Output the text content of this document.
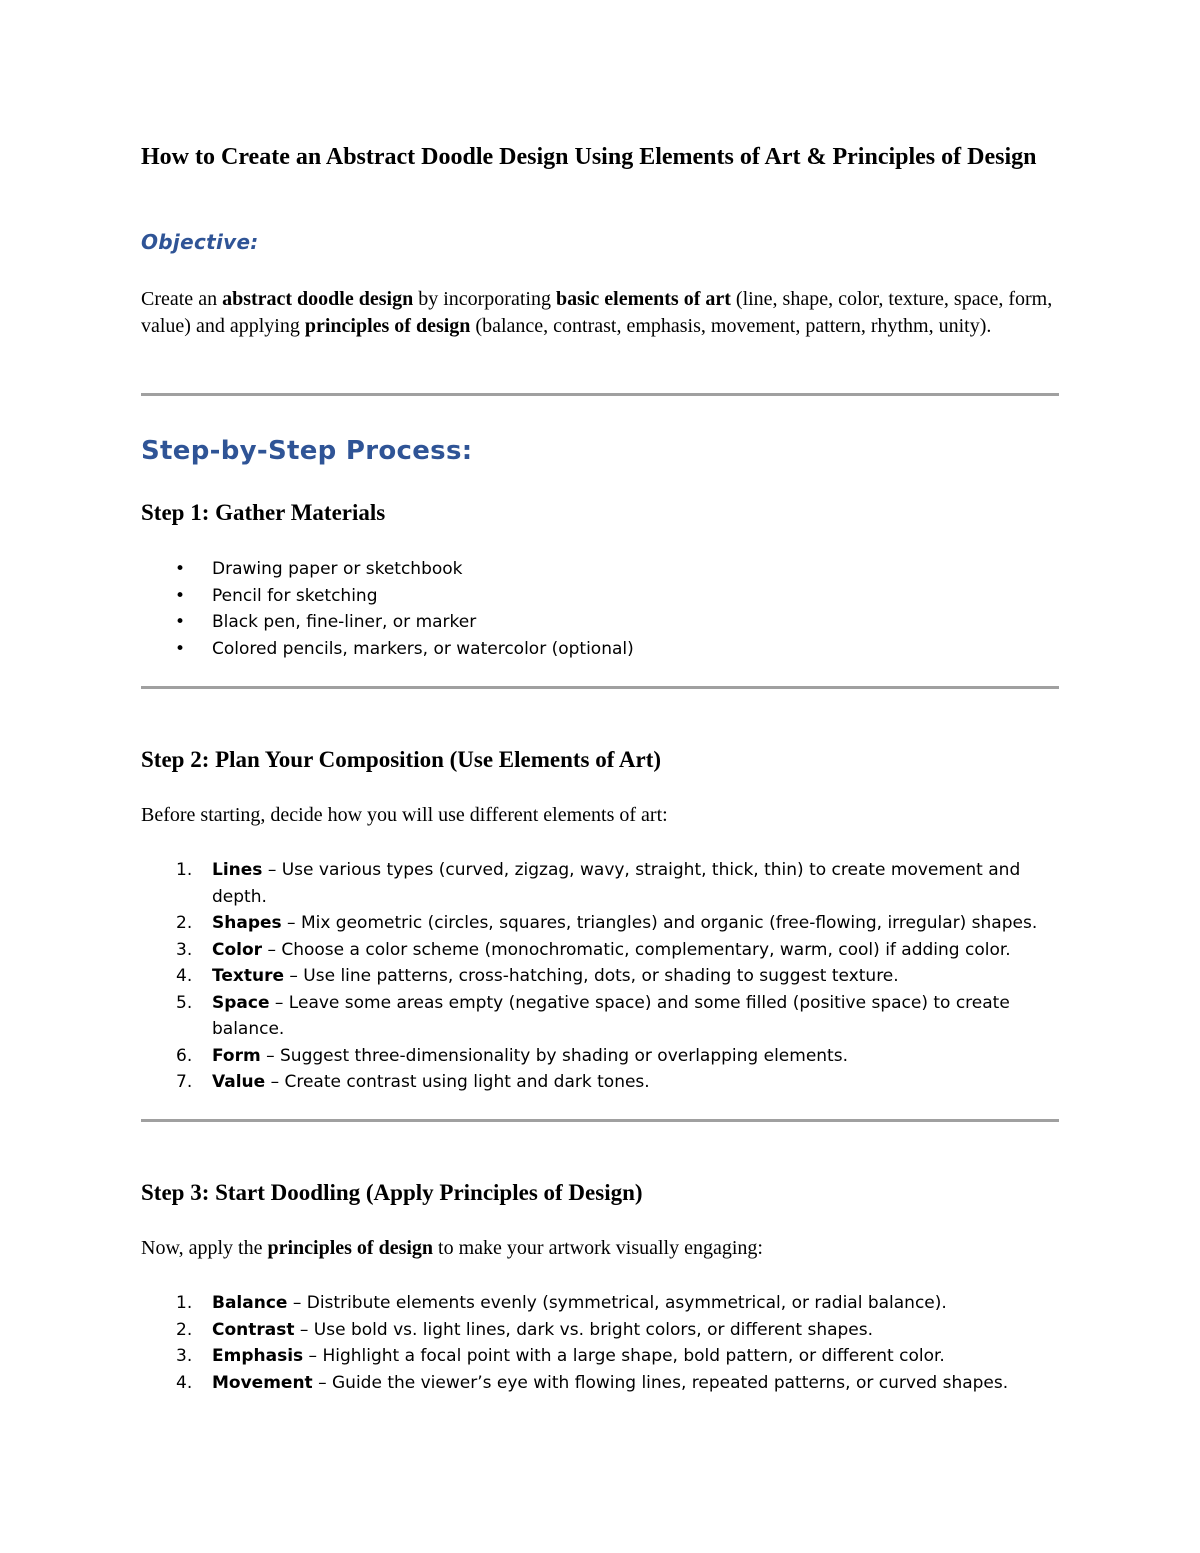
How to Create an Abstract Doodle Design Using Elements of Art & Principles of Design
Objective:

Create an abstract doodle design by incorporating basic elements of art (line, shape, color, texture, space, form, value) and applying principles of design (balance, contrast, emphasis, movement, pattern, rhythm, unity).

Step-by-Step Process:
Step 1: Gather Materials
• Drawing paper or sketchbook
• Pencil for sketching
• Black pen, fine-liner, or marker
• Colored pencils, markers, or watercolor (optional)
Step 2: Plan Your Composition (Use Elements of Art)

Before starting, decide how you will use different elements of art:

1. Lines – Use various types (curved, zigzag, wavy, straight, thick, thin) to create movement and depth.
2. Shapes – Mix geometric (circles, squares, triangles) and organic (free-flowing, irregular) shapes.
3. Color – Choose a color scheme (monochromatic, complementary, warm, cool) if adding color.
4. Texture – Use line patterns, cross-hatching, dots, or shading to suggest texture.
5. Space – Leave some areas empty (negative space) and some filled (positive space) to create balance.
6. Form – Suggest three-dimensionality by shading or overlapping elements.
7. Value – Create contrast using light and dark tones.
Step 3: Start Doodling (Apply Principles of Design)

Now, apply the principles of design to make your artwork visually engaging:

1. Balance – Distribute elements evenly (symmetrical, asymmetrical, or radial balance).
2. Contrast – Use bold vs. light lines, dark vs. bright colors, or different shapes.
3. Emphasis – Highlight a focal point with a large shape, bold pattern, or different color.
4. Movement – Guide the viewer’s eye with flowing lines, repeated patterns, or curved shapes.
